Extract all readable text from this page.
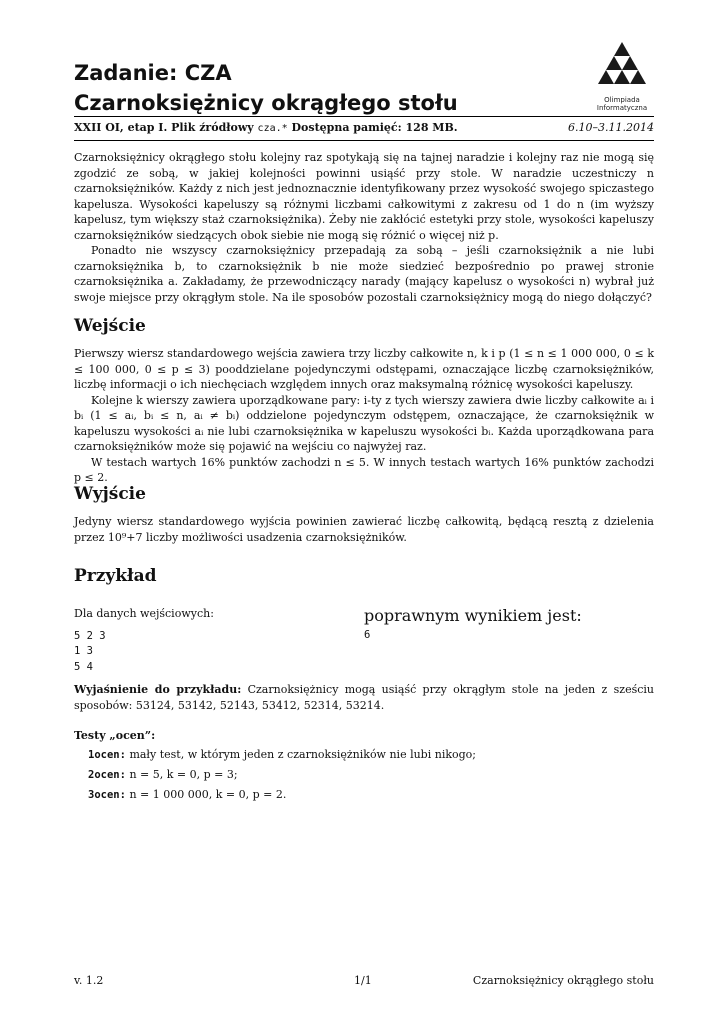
Zadanie: CZA
Czarnoksiężnicy okrągłego stołu	Olimpiada
Informatyczna
XXII OI, etap I. Plik źródłowy cza.* Dostępna pamięć: 128 MB.	6.10–3.11.2014

Czarnoksiężnicy okrągłego stołu kolejny raz spotykają się na tajnej naradzie i kolejny raz nie mogą się zgodzić ze sobą, w jakiej kolejności powinni usiąść przy stole. W naradzie uczestniczy n czarnoksiężników. Każdy z nich jest jednoznacznie identyfikowany przez wysokość swojego spiczastego kapelusza. Wysokości kapeluszy są różnymi liczbami całkowitymi z zakresu od 1 do n (im wyższy kapelusz, tym większy staż czarnoksiężnika). Żeby nie zakłócić estetyki przy stole, wysokości kapeluszy czarnoksiężników siedzących obok siebie nie mogą się różnić o więcej niż p.

Ponadto nie wszyscy czarnoksiężnicy przepadają za sobą – jeśli czarnoksiężnik a nie lubi czarnoksiężnika b, to czarnoksiężnik b nie może siedzieć bezpośrednio po prawej stronie czarnoksiężnika a. Zakładamy, że przewodniczący narady (mający kapelusz o wysokości n) wybrał już swoje miejsce przy okrągłym stole. Na ile sposobów pozostali czarnoksiężnicy mogą do niego dołączyć?

Wejście

Pierwszy wiersz standardowego wejścia zawiera trzy liczby całkowite n, k i p (1 ≤ n ≤ 1 000 000, 0 ≤ k ≤ 100 000, 0 ≤ p ≤ 3) pooddzielane pojedynczymi odstępami, oznaczające liczbę czarnoksiężników, liczbę informacji o ich niechęciach względem innych oraz maksymalną różnicę wysokości kapeluszy.

Kolejne k wierszy zawiera uporządkowane pary: i-ty z tych wierszy zawiera dwie liczby całkowite aᵢ i bᵢ (1 ≤ aᵢ, bᵢ ≤ n, aᵢ ≠ bᵢ) oddzielone pojedynczym odstępem, oznaczające, że czarnoksiężnik w kapeluszu wysokości aᵢ nie lubi czarnoksiężnika w kapeluszu wysokości bᵢ. Każda uporządkowana para czarnoksiężników może się pojawić na wejściu co najwyżej raz.

W testach wartych 16% punktów zachodzi n ≤ 5. W innych testach wartych 16% punktów zachodzi p ≤ 2.

Wyjście

Jedyny wiersz standardowego wyjścia powinien zawierać liczbę całkowitą, będącą resztą z dzielenia przez 10⁹+7 liczby możliwości usadzenia czarnoksiężników.

Przykład

Dla danych wejściowych:	poprawnym wynikiem jest:
5 2 3
1 3
5 4
6

Wyjaśnienie do przykładu: Czarnoksiężnicy mogą usiąść przy okrągłym stole na jeden z sześciu sposobów: 53124, 53142, 52143, 53412, 52314, 53214.

Testy „ocen”:

1ocen: mały test, w którym jeden z czarnoksiężników nie lubi nikogo;
2ocen: n = 5, k = 0, p = 3;
3ocen: n = 1 000 000, k = 0, p = 2.
v. 1.2	1/1	Czarnoksiężnicy okrągłego stołu
